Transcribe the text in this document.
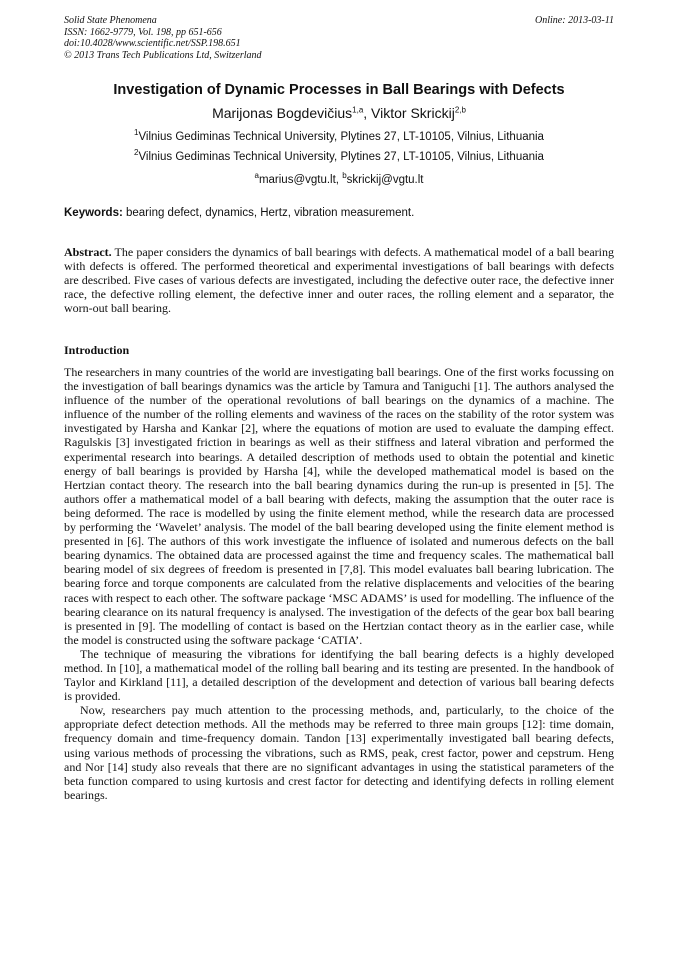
Solid State Phenomena
ISSN: 1662-9779, Vol. 198, pp 651-656
doi:10.4028/www.scientific.net/SSP.198.651
© 2013 Trans Tech Publications Ltd, Switzerland
Online: 2013-03-11
Investigation of Dynamic Processes in Ball Bearings with Defects
Marijonas Bogdevičius$^{1,a}$, Viktor Skrickij$^{2,b}$
$^1$Vilnius Gediminas Technical University, Plytines 27, LT-10105, Vilnius, Lithuania
$^2$Vilnius Gediminas Technical University, Plytines 27, LT-10105, Vilnius, Lithuania
$^a$marius@vgtu.lt, $^b$skrickij@vgtu.lt
Keywords: bearing defect, dynamics, Hertz, vibration measurement.

Abstract. The paper considers the dynamics of ball bearings with defects. A mathematical model of a ball bearing with defects is offered. The performed theoretical and experimental investigations of ball bearings with defects are described. Five cases of various defects are investigated, including the defective outer race, the defective inner race, the defective rolling element, the defective inner and outer races, the rolling element and a separator, the worn-out ball bearing.

Introduction

The researchers in many countries of the world are investigating ball bearings. One of the first works focussing on the investigation of ball bearings dynamics was the article by Tamura and Taniguchi [1]. The authors analysed the influence of the number of the operational revolutions of ball bearings on the dynamics of a machine. The influence of the number of the rolling elements and waviness of the races on the stability of the rotor system was investigated by Harsha and Kankar [2], where the equations of motion are used to evaluate the damping effect. Ragulskis [3] investigated friction in bearings as well as their stiffness and lateral vibration and performed the experimental research into bearings. A detailed description of methods used to obtain the potential and kinetic energy of ball bearings is provided by Harsha [4], while the developed mathematical model is based on the Hertzian contact theory. The research into the ball bearing dynamics during the run-up is presented in [5]. The authors offer a mathematical model of a ball bearing with defects, making the assumption that the outer race is being deformed. The race is modelled by using the finite element method, while the research data are processed by performing the ‘Wavelet’ analysis. The model of the ball bearing developed using the finite element method is presented in [6]. The authors of this work investigate the influence of isolated and numerous defects on the ball bearing dynamics. The obtained data are processed against the time and frequency scales. The mathematical ball bearing model of six degrees of freedom is presented in [7,8]. This model evaluates ball bearing lubrication. The bearing force and torque components are calculated from the relative displacements and velocities of the bearing races with respect to each other. The software package ‘MSC ADAMS’ is used for modelling. The influence of the bearing clearance on its natural frequency is analysed. The investigation of the defects of the gear box ball bearing is presented in [9]. The modelling of contact is based on the Hertzian contact theory as in the earlier case, while the model is constructed using the software package ‘CATIA’.

The technique of measuring the vibrations for identifying the ball bearing defects is a highly developed method. In [10], a mathematical model of the rolling ball bearing and its testing are presented. In the handbook of Taylor and Kirkland [11], a detailed description of the development and detection of various ball bearing defects is provided.

Now, researchers pay much attention to the processing methods, and, particularly, to the choice of the appropriate defect detection methods. All the methods may be referred to three main groups [12]: time domain, frequency domain and time-frequency domain. Tandon [13] experimentally investigated ball bearing defects, using various methods of processing the vibrations, such as RMS, peak, crest factor, power and cepstrum. Heng and Nor [14] study also reveals that there are no significant advantages in using the statistical parameters of the beta function compared to using kurtosis and crest factor for detecting and identifying defects in rolling element bearings.
